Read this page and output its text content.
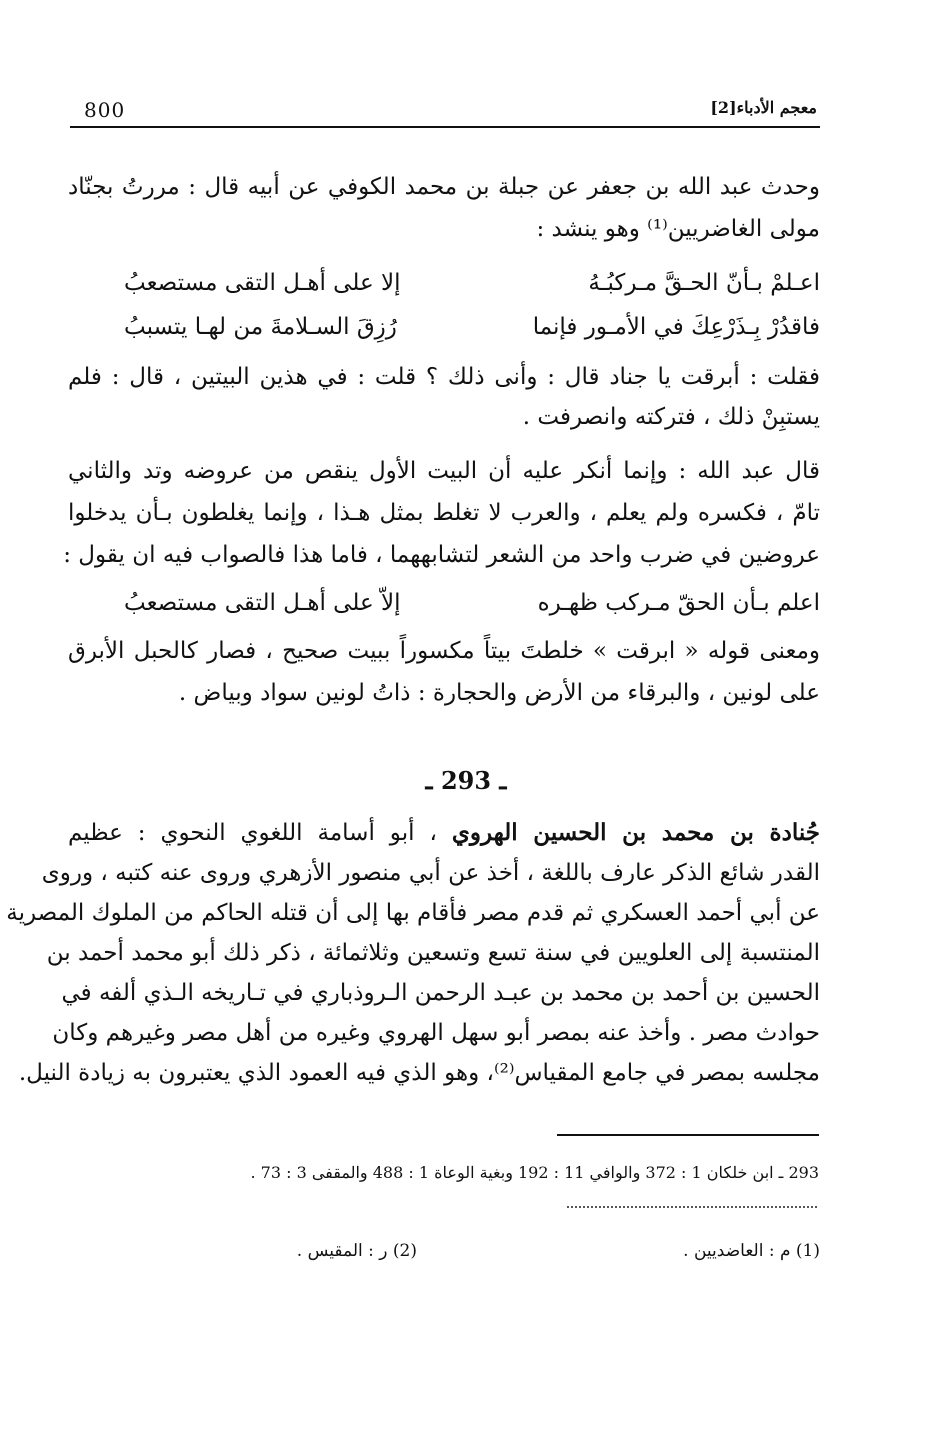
800	معجم الأدباء[2]
وحدث عبد الله بن جعفر عن جبلة بن محمد الكوفي عن أبيه قال : مررتُ بجنّاد
مولى الغاضريين⁽¹⁾ وهو ينشد :
اعـلمْ بـأنّ الحـقَّ مـركبُـهُ
إلا على أهـل التقى مستصعبُ
فاقدُرْ بِـذَرْعِكَ في الأمـور فإنما
رُزِقَ السـلامةَ من لهـا يتسببُ
فقلت : أبرقت يا جناد قال : وأنى ذلك ؟ قلت : في هذين البيتين ، قال : فلم
يستبِنْ ذلك ، فتركته وانصرفت .
قال عبد الله : وإنما أنكر عليه أن البيت الأول ينقص من عروضه وتد والثاني
تامّ ، فكسره ولم يعلم ، والعرب لا تغلط بمثل هـذا ، وإنما يغلطون بـأن يدخلوا
عروضين في ضرب واحد من الشعر لتشابههما ، فاما هذا فالصواب فيه ان يقول :
اعلم بـأن الحقّ مـركب ظهـره
إلاّ على أهـل التقى مستصعبُ
ومعنى قوله « ابرقت » خلطتَ بيتاً مكسوراً ببيت صحيح ، فصار كالحبل الأبرق
على لونين ، والبرقاء من الأرض والحجارة : ذاتُ لونين سواد وبياض .
ـ 293 ـ
جُنادة بن محمد بن الحسين الهروي ، أبو أسامة اللغوي النحوي : عظيم
القدر شائع الذكر عارف باللغة ، أخذ عن أبي منصور الأزهري وروى عنه كتبه ، وروى
عن أبي أحمد العسكري ثم قدم مصر فأقام بها إلى أن قتله الحاكم من الملوك المصرية
المنتسبة إلى العلويين في سنة تسع وتسعين وثلاثمائة ، ذكر ذلك أبو محمد أحمد بن
الحسين بن أحمد بن محمد بن عبـد الرحمن الـروذباري في تـاريخه الـذي ألفه في
حوادث مصر . وأخذ عنه بمصر أبو سهل الهروي وغيره من أهل مصر وغيرهم وكان
مجلسه بمصر في جامع المقياس⁽²⁾، وهو الذي فيه العمود الذي يعتبرون به زيادة النيل.
293 ـ ابن خلكان 1 : 372 والوافي 11 : 192 وبغية الوعاة 1 : 488 والمقفى 3 : 73 .
(1) م : العاضديين .
(2) ر : المقيس .
